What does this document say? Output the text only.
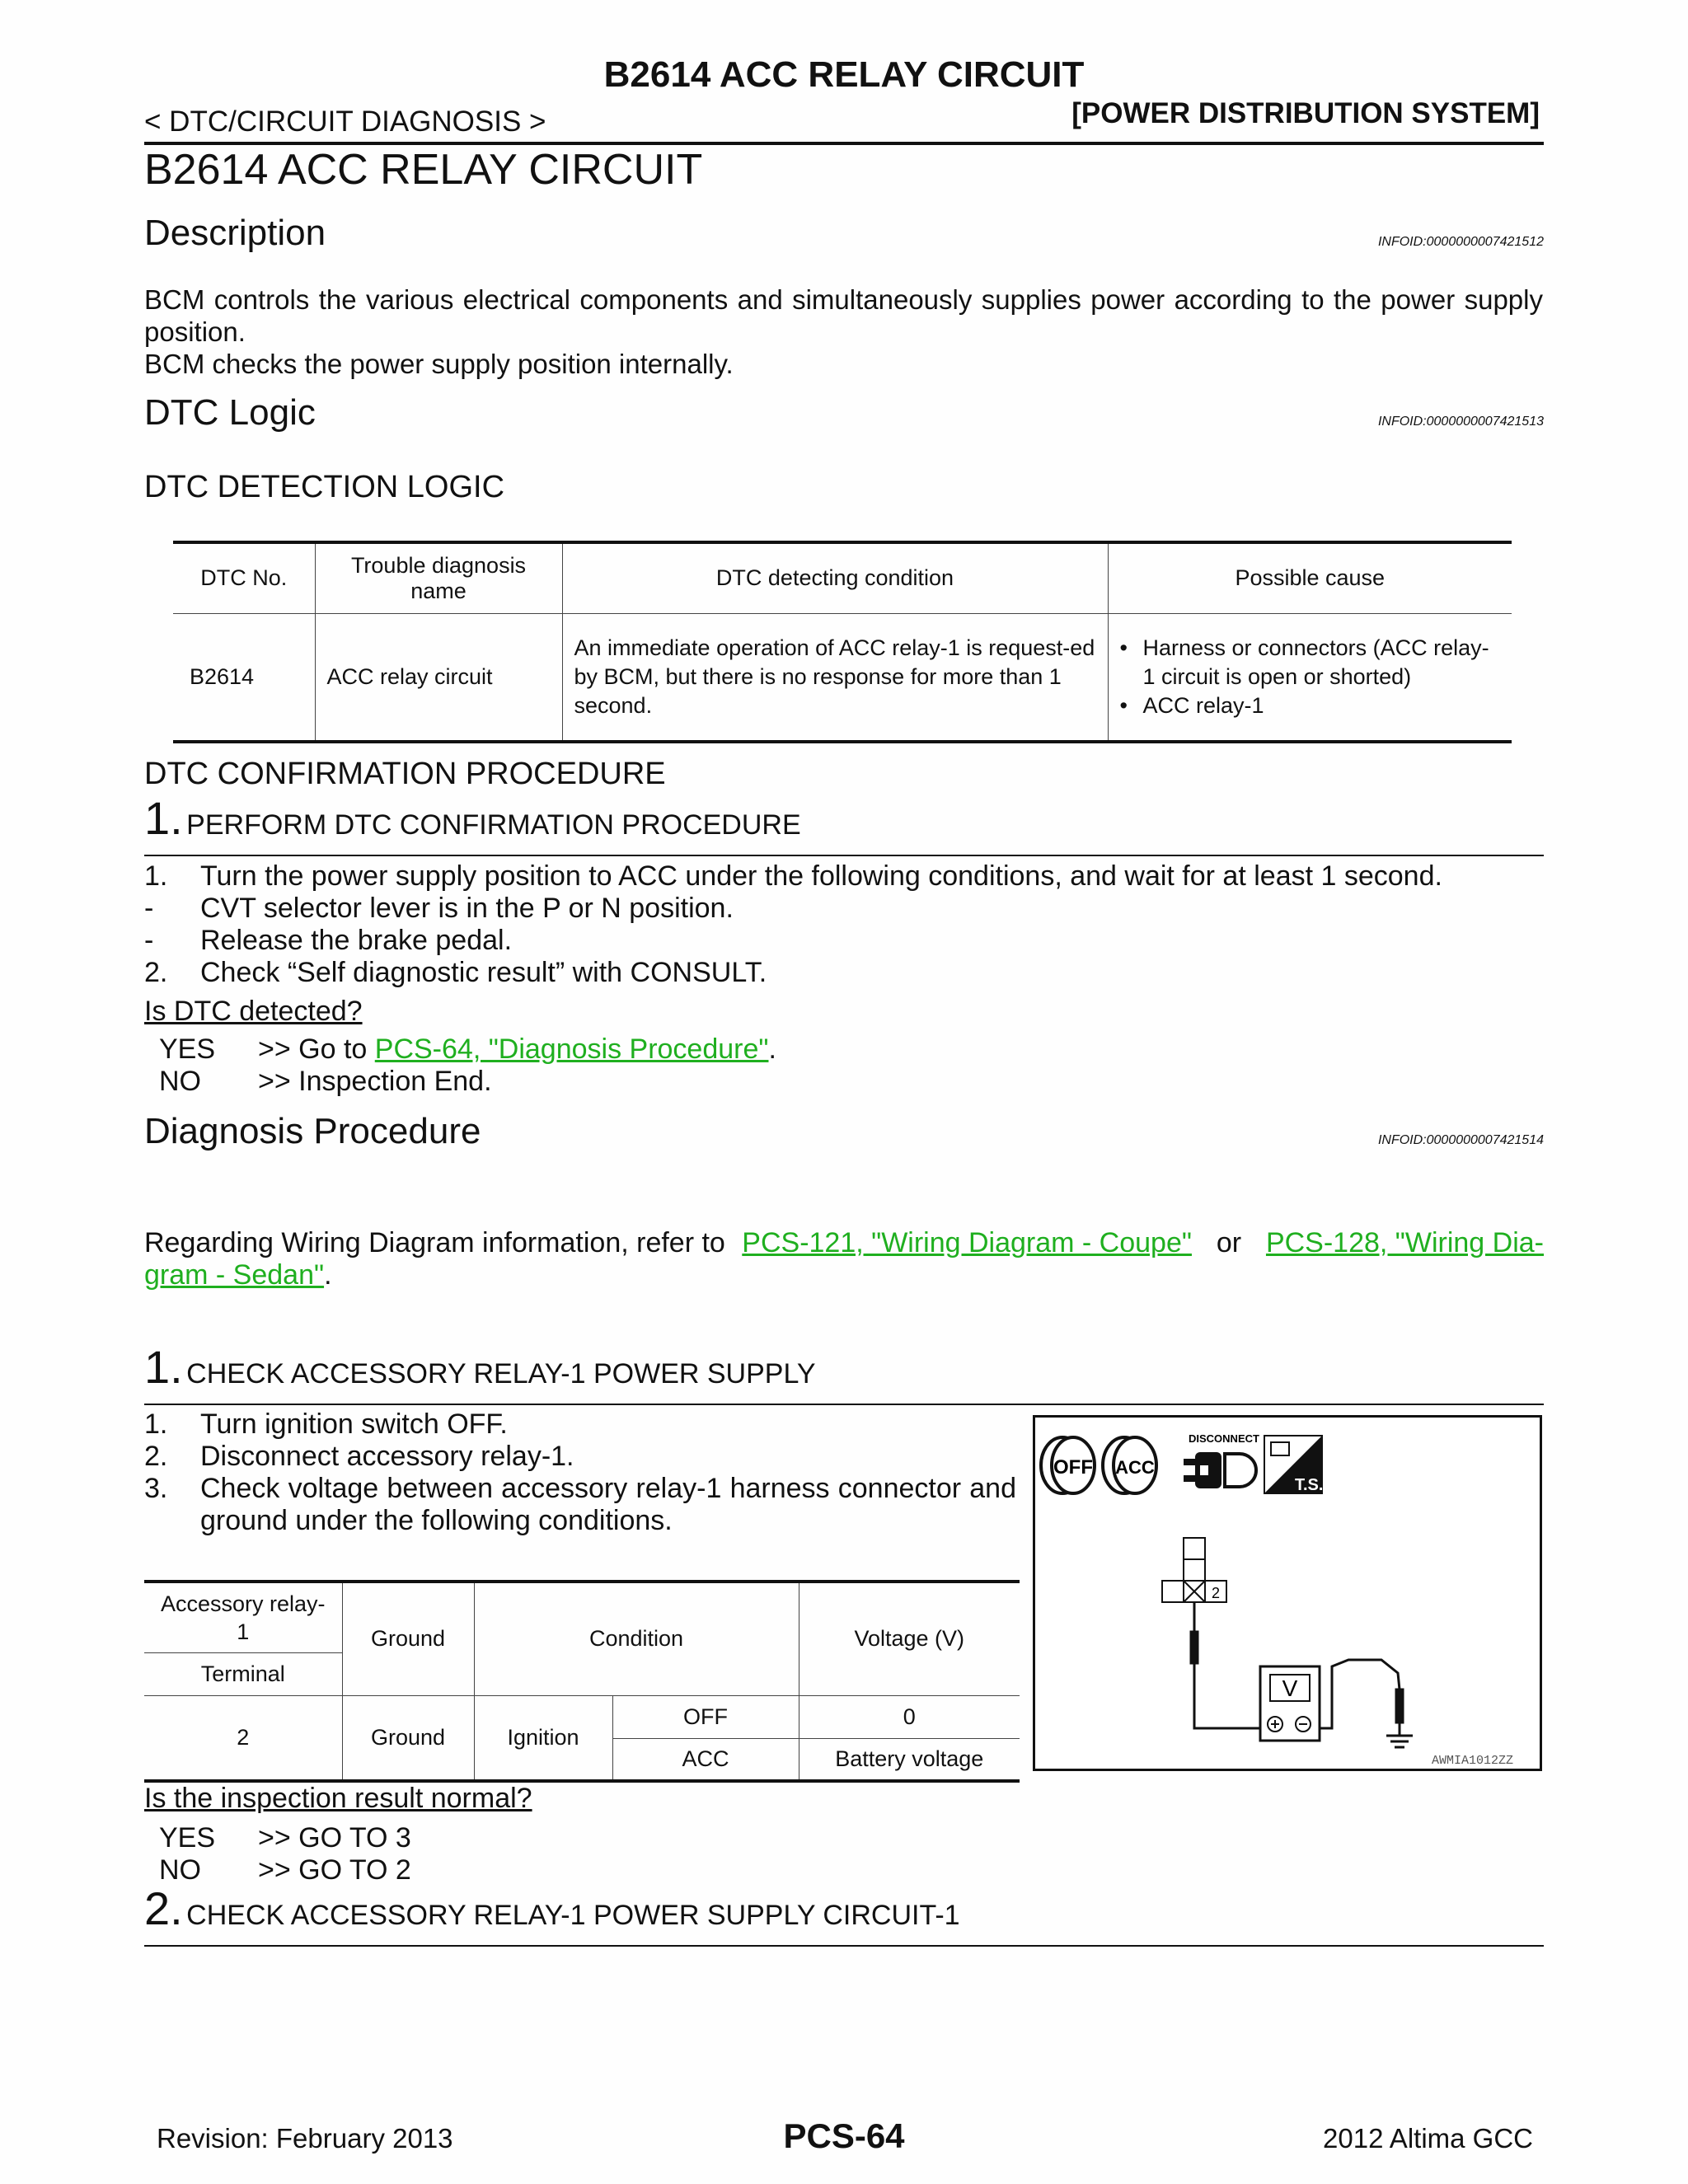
B2614 ACC RELAY CIRCUIT
< DTC/CIRCUIT DIAGNOSIS >	[POWER DISTRIBUTION SYSTEM]
B2614 ACC RELAY CIRCUIT
Description	INFOID:0000000007421512
BCM controls the various electrical components and simultaneously supplies power according to the power supply position.
BCM checks the power supply position internally.
DTC Logic	INFOID:0000000007421513
DTC DETECTION LOGIC
DTC No.	Trouble diagnosis name	DTC detecting condition	Possible cause
B2614	ACC relay circuit	An immediate operation of ACC relay-1 is request-ed by BCM, but there is no response for more than 1 second.	• Harness or connectors (ACC relay-1 circuit is open or shorted)
• ACC relay-1
DTC CONFIRMATION PROCEDURE
1. PERFORM DTC CONFIRMATION PROCEDURE
1.	Turn the power supply position to ACC under the following conditions, and wait for at least 1 second.
-	CVT selector lever is in the P or N position.
-	Release the brake pedal.
2.	Check “Self diagnostic result” with CONSULT.
Is DTC detected?
YES	>> Go to PCS-64, "Diagnosis Procedure".
NO	>> Inspection End.
Diagnosis Procedure	INFOID:0000000007421514
Regarding Wiring Diagram information, refer to PCS-121, "Wiring Diagram - Coupe" or PCS-128, "Wiring Dia-
gram - Sedan".
1. CHECK ACCESSORY RELAY-1 POWER SUPPLY
1.	Turn ignition switch OFF.
2.	Disconnect accessory relay-1.
3.	Check voltage between accessory relay-1 harness connector and ground under the following conditions.
Accessory relay-1	Ground	Condition		Voltage (V)
Terminal				
2	Ground	Ignition	OFF	0
			ACC	Battery voltage
OFF ACC
DISCONNECT
T.S.
2
V
AWMIA1012ZZ
Is the inspection result normal?
YES	>> GO TO 3
NO	>> GO TO 2
2. CHECK ACCESSORY RELAY-1 POWER SUPPLY CIRCUIT-1
Revision: February 2013	PCS-64	2012 Altima GCC
